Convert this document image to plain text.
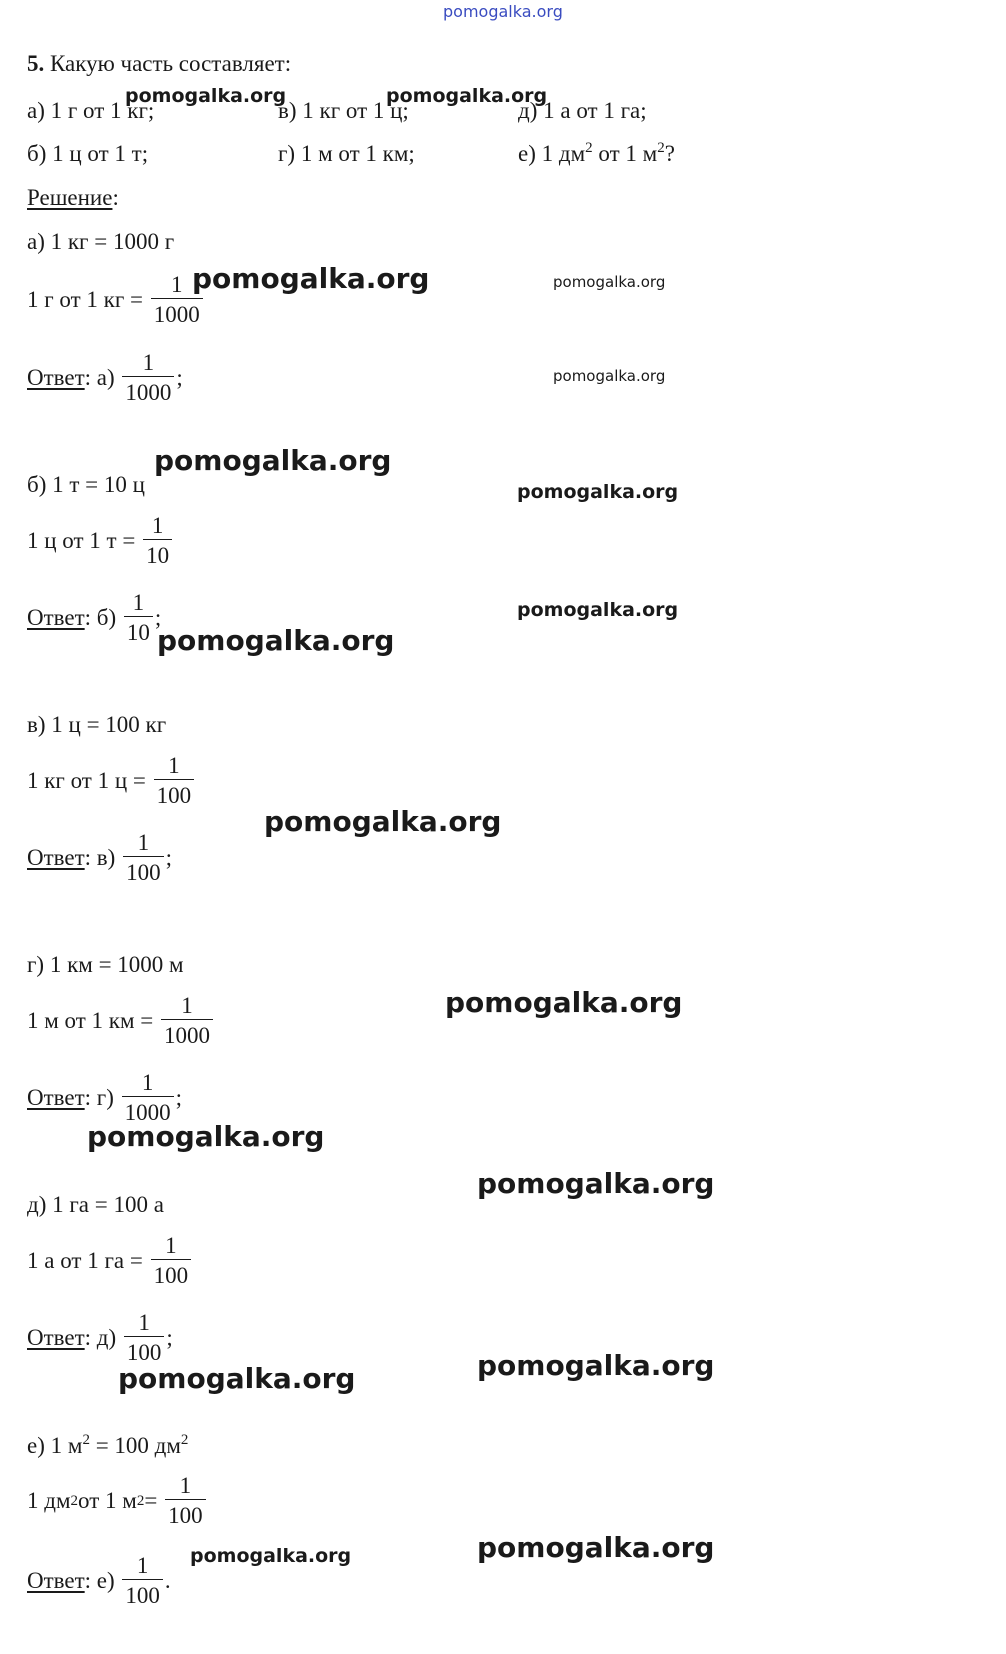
pomogalka.org
5. Какую часть составляет:
а) 1 г от 1 кг;	в) 1 кг от 1 ц;	д) 1 а от 1 га;
б) 1 ц от 1 т;	г) 1 м от 1 км;	е) 1 $дм^2$ от 1 $м^2$?
Решение:
а) 1 кг = 1000 г
1 г от 1 кг =
$\frac{1}{1000}$
Ответ : а)
$\frac{1}{1000}$ ;
б) 1 т = 10 ц
1 ц от 1 т =
$\frac{1}{10}$
Ответ : б)
$\frac{1}{10}$ ;
в) 1 ц = 100 кг
1 кг от 1 ц =
$\frac{1}{100}$
Ответ : в)
$\frac{1}{100}$ ;
г) 1 км = 1000 м
1 м от 1 км =
$\frac{1}{1000}$
Ответ : г)
$\frac{1}{1000}$ ;
д) 1 га = 100 а
1 а от 1 га =
$\frac{1}{100}$
Ответ : д)
$\frac{1}{100}$ ;
е) 1 $м^2 = 100$ $дм^2$
1 дм 2 от 1 м 2 =
$\frac{1}{100}$
Ответ : е)
$\frac{1}{100}$ .
pomogalka.org	pomogalka.org
pomogalka.org	pomogalka.org
pomogalka.org
pomogalka.org
pomogalka.org
pomogalka.org
pomogalka.org
pomogalka.org
pomogalka.org
pomogalka.org
pomogalka.org
pomogalka.org	pomogalka.org
pomogalka.org	pomogalka.org
